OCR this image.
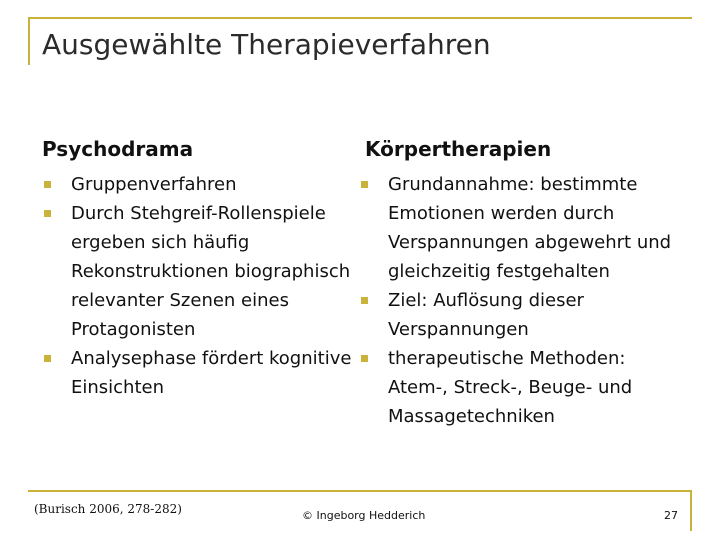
Ausgewählte Therapieverfahren
Psychodrama	Körpertherapien
Gruppenverfahren
Durch Stehgreif-Rollenspiele ergeben sich häufig Rekonstruktionen biographisch relevanter Szenen eines Protagonisten
Analysephase fördert kognitive Einsichten
Grundannahme: bestimmte Emotionen werden durch Verspannungen abgewehrt und gleichzeitig festgehalten
Ziel: Auflösung dieser Verspannungen
therapeutische Methoden: Atem-, Streck-, Beuge- und Massagetechniken
(Burisch 2006, 278-282)	© Ingeborg Hedderich	27
